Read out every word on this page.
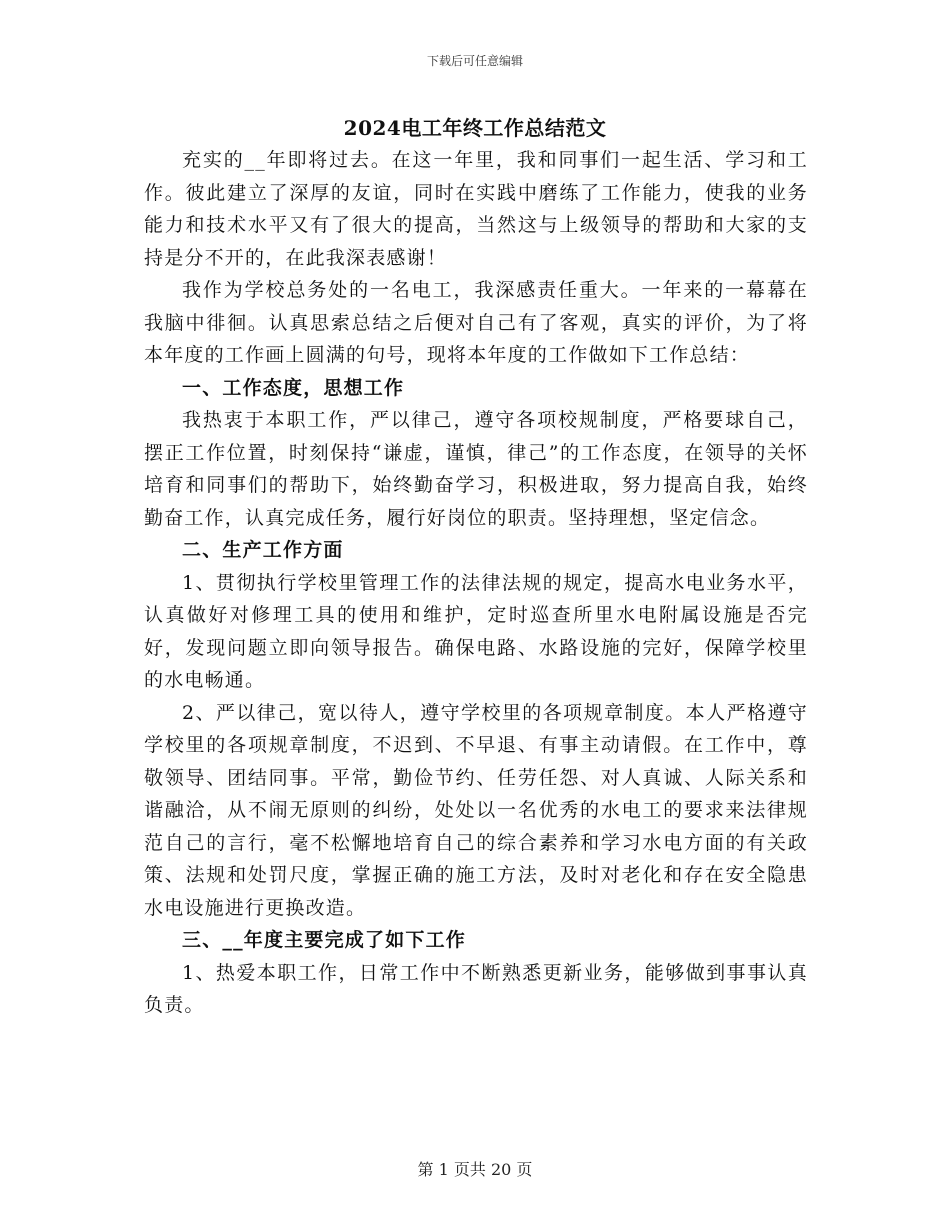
下载后可任意编辑
2024电工年终工作总结范文

充实的__年即将过去。在这一年里，我和同事们一起生活、学习和工作。彼此建立了深厚的友谊，同时在实践中磨练了工作能力，使我的业务能力和技术水平又有了很大的提高，当然这与上级领导的帮助和大家的支持是分不开的，在此我深表感谢！

我作为学校总务处的一名电工，我深感责任重大。一年来的一幕幕在我脑中徘徊。认真思索总结之后便对自己有了客观，真实的评价，为了将本年度的工作画上圆满的句号，现将本年度的工作做如下工作总结：

一、工作态度，思想工作

我热衷于本职工作，严以律己，遵守各项校规制度，严格要球自己，摆正工作位置，时刻保持“谦虚，谨慎，律己”的工作态度，在领导的关怀培育和同事们的帮助下，始终勤奋学习，积极进取，努力提高自我，始终勤奋工作，认真完成任务，履行好岗位的职责。坚持理想，坚定信念。

二、生产工作方面

1、贯彻执行学校里管理工作的法律法规的规定，提高水电业务水平，认真做好对修理工具的使用和维护，定时巡查所里水电附属设施是否完好，发现问题立即向领导报告。确保电路、水路设施的完好，保障学校里的水电畅通。

2、严以律己，宽以待人，遵守学校里的各项规章制度。本人严格遵守学校里的各项规章制度，不迟到、不早退、有事主动请假。在工作中，尊敬领导、团结同事。平常，勤俭节约、任劳任怨、对人真诚、人际关系和谐融洽，从不闹无原则的纠纷，处处以一名优秀的水电工的要求来法律规范自己的言行，毫不松懈地培育自己的综合素养和学习水电方面的有关政策、法规和处罚尺度，掌握正确的施工方法，及时对老化和存在安全隐患水电设施进行更换改造。

三、__年度主要完成了如下工作

1、热爱本职工作，日常工作中不断熟悉更新业务，能够做到事事认真负责。

第 1 页共 20 页
